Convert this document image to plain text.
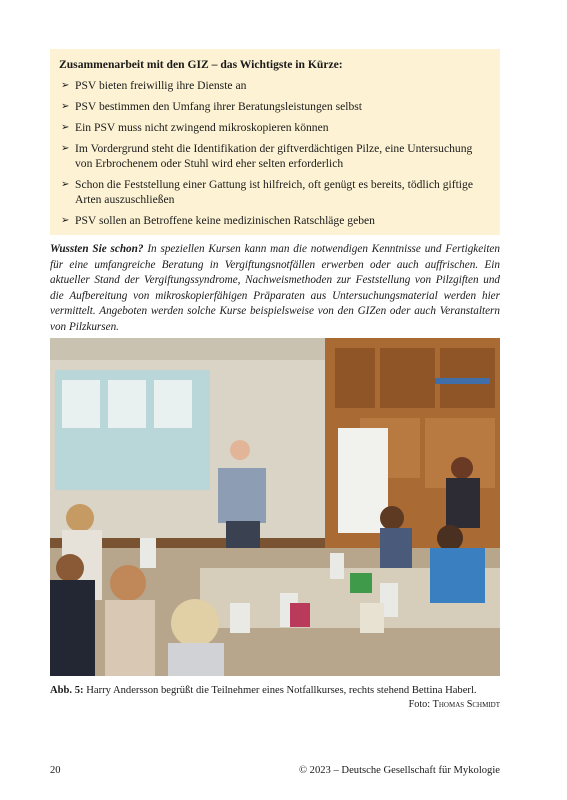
Zusammenarbeit mit den GIZ – das Wichtigste in Kürze:

➢ PSV bieten freiwillig ihre Dienste an
➢ PSV bestimmen den Umfang ihrer Beratungsleistungen selbst
➢ Ein PSV muss nicht zwingend mikroskopieren können
➢ Im Vordergrund steht die Identifikation der giftverdächtigen Pilze, eine Untersuchung von Erbrochenem oder Stuhl wird eher selten erforderlich
➢ Schon die Feststellung einer Gattung ist hilfreich, oft genügt es bereits, tödlich giftige Arten auszuschließen
➢ PSV sollen an Betroffene keine medizinischen Ratschläge geben
Wussten Sie schon? In speziellen Kursen kann man die notwendigen Kenntnisse und Fertigkeiten für eine umfangreiche Beratung in Vergiftungsnotfällen erwerben oder auch auffrischen. Ein aktueller Stand der Vergiftungssyndrome, Nachweismethoden zur Feststellung von Pilzgiften und die Aufbereitung von mikroskopierfähigen Präparaten aus Untersuchungsmaterial werden hier vermittelt. Angeboten werden solche Kurse beispielsweise von den GIZen oder auch Veranstaltern von Pilzkursen.
Abb. 5: Harry Andersson begrüßt die Teilnehmer eines Notfallkurses, rechts stehend Bettina Haberl.
Foto: Thomas Schmidt
20	© 2023 – Deutsche Gesellschaft für Mykologie
